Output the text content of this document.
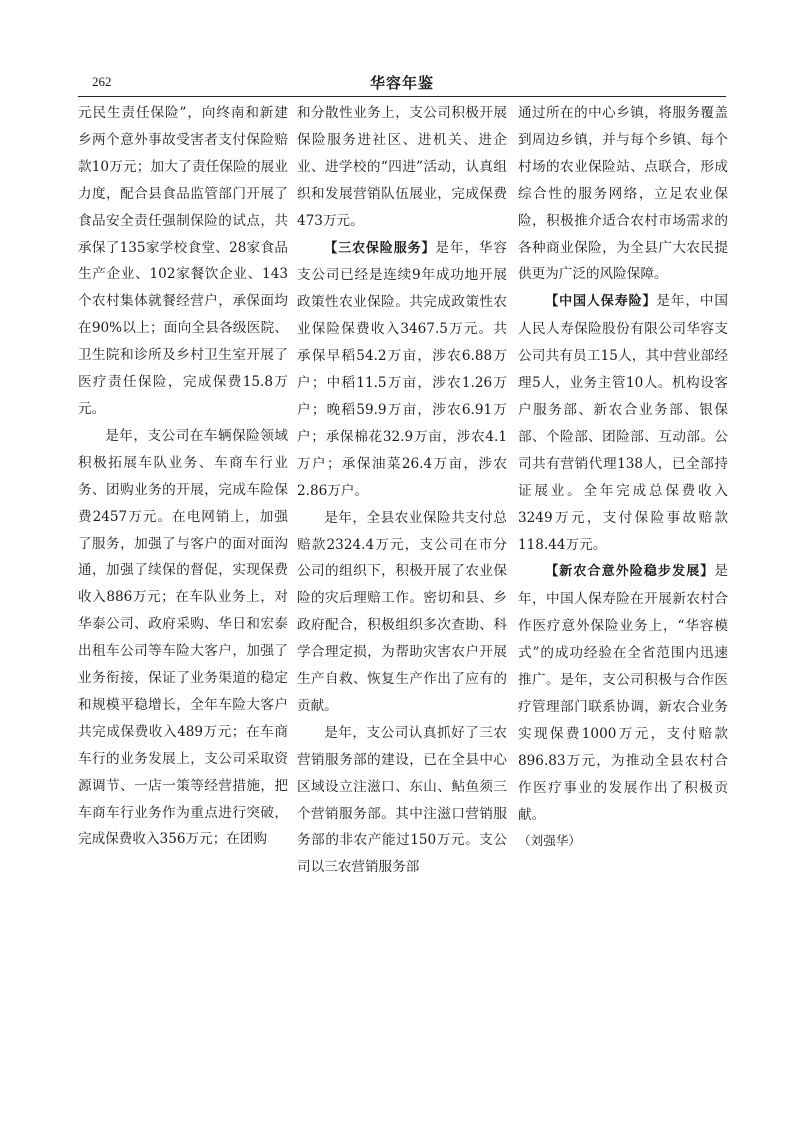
262	华容年鉴

元民生责任保险”，向终南和新建乡两个意外事故受害者支付保险赔款10万元；加大了责任保险的展业力度，配合县食品监管部门开展了食品安全责任强制保险的试点，共承保了135家学校食堂、28家食品生产企业、102家餐饮企业、143个农村集体就餐经营户，承保面均在90%以上；面向全县各级医院、卫生院和诊所及乡村卫生室开展了医疗责任保险，完成保费15.8万元。

是年，支公司在车辆保险领域积极拓展车队业务、车商车行业务、团购业务的开展，完成车险保费2457万元。在电网销上，加强了服务，加强了与客户的面对面沟通，加强了续保的督促，实现保费收入886万元；在车队业务上，对华泰公司、政府采购、华日和宏泰出租车公司等车险大客户，加强了业务衔接，保证了业务渠道的稳定和规模平稳增长，全年车险大客户共完成保费收入489万元；在车商车行的业务发展上，支公司采取资源调节、一店一策等经营措施，把车商车行业务作为重点进行突破，完成保费收入356万元；在团购

和分散性业务上，支公司积极开展保险服务进社区、进机关、进企业、进学校的“四进”活动，认真组织和发展营销队伍展业，完成保费473万元。

【三农保险服务】是年，华容支公司已经是连续9年成功地开展政策性农业保险。共完成政策性农业保险保费收入3467.5万元。共承保早稻54.2万亩，涉农6.88万户；中稻11.5万亩，涉农1.26万户；晚稻59.9万亩，涉农6.91万户；承保棉花32.9万亩，涉农4.1万户；承保油菜26.4万亩，涉农2.86万户。

是年，全县农业保险共支付总赔款2324.4万元，支公司在市分公司的组织下，积极开展了农业保险的灾后理赔工作。密切和县、乡政府配合，积极组织多次查勘、科学合理定损，为帮助灾害农户开展生产自救、恢复生产作出了应有的贡献。

是年，支公司认真抓好了三农营销服务部的建设，已在全县中心区域设立注滋口、东山、鲇鱼须三个营销服务部。其中注滋口营销服务部的非农产能过150万元。支公司以三农营销服务部

通过所在的中心乡镇，将服务覆盖到周边乡镇，并与每个乡镇、每个村场的农业保险站、点联合，形成综合性的服务网络，立足农业保险，积极推介适合农村市场需求的各种商业保险，为全县广大农民提供更为广泛的风险保障。

【中国人保寿险】是年，中国人民人寿保险股份有限公司华容支公司共有员工15人，其中营业部经理5人，业务主管10人。机构设客户服务部、新农合业务部、银保部、个险部、团险部、互动部。公司共有营销代理138人，已全部持证展业。全年完成总保费收入3249万元，支付保险事故赔款118.44万元。

【新农合意外险稳步发展】是年，中国人保寿险在开展新农村合作医疗意外保险业务上，“华容模式”的成功经验在全省范围内迅速推广。是年，支公司积极与合作医疗管理部门联系协调，新农合业务实现保费1000万元，支付赔款896.83万元，为推动全县农村合作医疗事业的发展作出了积极贡献。

（刘强华）
